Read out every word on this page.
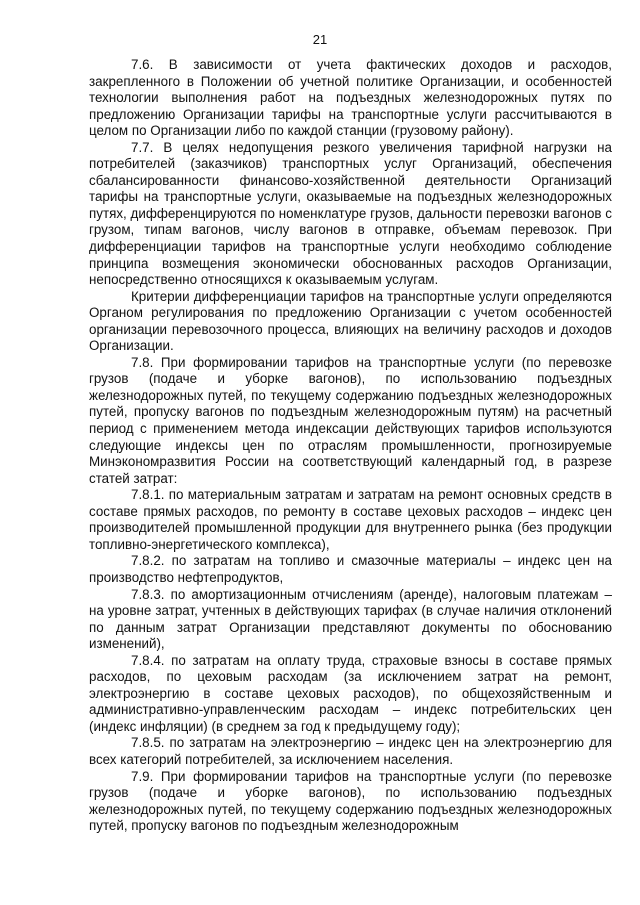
21

7.6. В зависимости от учета фактических доходов и расходов, закрепленного в Положении об учетной политике Организации, и особенностей технологии выполнения работ на подъездных железнодорожных путях по предложению Организации тарифы на транспортные услуги рассчитываются в целом по Организации либо по каждой станции (грузовому району).

7.7. В целях недопущения резкого увеличения тарифной нагрузки на потребителей (заказчиков) транспортных услуг Организаций, обеспечения сбалансированности финансово-хозяйственной деятельности Организаций тарифы на транспортные услуги, оказываемые на подъездных железнодорожных путях, дифференцируются по номенклатуре грузов, дальности перевозки вагонов с грузом, типам вагонов, числу вагонов в отправке, объемам перевозок. При дифференциации тарифов на транспортные услуги необходимо соблюдение принципа возмещения экономически обоснованных расходов Организации, непосредственно относящихся к оказываемым услугам.

Критерии дифференциации тарифов на транспортные услуги определяются Органом регулирования по предложению Организации с учетом особенностей организации перевозочного процесса, влияющих на величину расходов и доходов Организации.

7.8. При формировании тарифов на транспортные услуги (по перевозке грузов (подаче и уборке вагонов), по использованию подъездных железнодорожных путей, по текущему содержанию подъездных железнодорожных путей, пропуску вагонов по подъездным железнодорожным путям) на расчетный период с применением метода индексации действующих тарифов используются следующие индексы цен по отраслям промышленности, прогнозируемые Минэкономразвития России на соответствующий календарный год, в разрезе статей затрат:

7.8.1. по материальным затратам и затратам на ремонт основных средств в составе прямых расходов, по ремонту в составе цеховых расходов – индекс цен производителей промышленной продукции для внутреннего рынка (без продукции топливно-энергетического комплекса),

7.8.2. по затратам на топливо и смазочные материалы – индекс цен на производство нефтепродуктов,

7.8.3. по амортизационным отчислениям (аренде), налоговым платежам – на уровне затрат, учтенных в действующих тарифах (в случае наличия отклонений по данным затрат Организации представляют документы по обоснованию изменений),

7.8.4. по затратам на оплату труда, страховые взносы в составе прямых расходов, по цеховым расходам (за исключением затрат на ремонт, электроэнергию в составе цеховых расходов), по общехозяйственным и административно-управленческим расходам – индекс потребительских цен (индекс инфляции) (в среднем за год к предыдущему году);

7.8.5. по затратам на электроэнергию – индекс цен на электроэнергию для всех категорий потребителей, за исключением населения.

7.9. При формировании тарифов на транспортные услуги (по перевозке грузов (подаче и уборке вагонов), по использованию подъездных железнодорожных путей, по текущему содержанию подъездных железнодорожных путей, пропуску вагонов по подъездным железнодорожным
